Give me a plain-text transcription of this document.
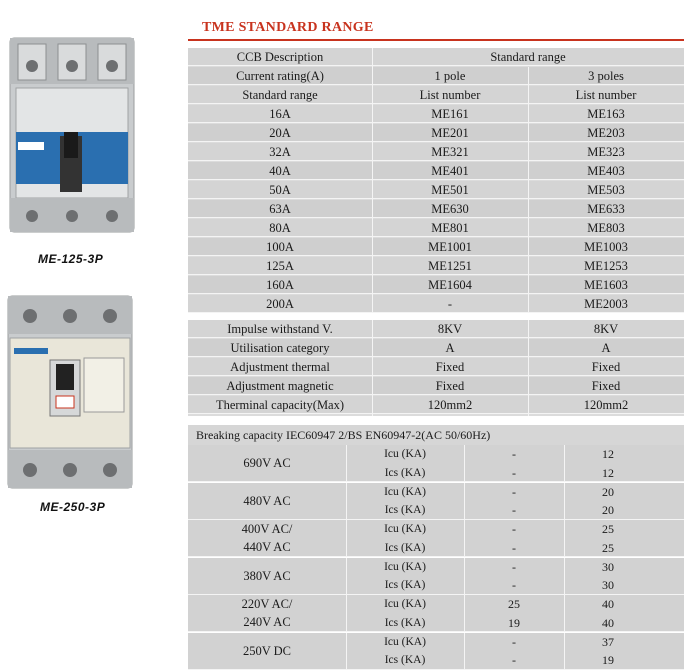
ME-125-3P
ME-250-3P
TME STANDARD RANGE
CCB Description	Standard range
Current rating(A)	1 pole	3 poles
Standard range	List number	List number
16A	ME161	ME163
20A	ME201	ME203
32A	ME321	ME323
40A	ME401	ME403
50A	ME501	ME503
63A	ME630	ME633
80A	ME801	ME803
100A	ME1001	ME1003
125A	ME1251	ME1253
160A	ME1604	ME1603
200A	-	ME2003
Impulse withstand V.	8KV	8KV
Utilisation category	A	A
Adjustment thermal	Fixed	Fixed
Adjustment magnetic	Fixed	Fixed
Therminal capacity(Max)	120mm2	120mm2
Breaking capacity IEC60947 2/BS EN60947-2(AC 50/60Hz)
690V AC
Icu (KA)	-	12
Ics (KA)	-	12
480V AC
Icu (KA)	-	20
Ics (KA)	-	20
400V AC/
440V AC
Icu (KA)	-	25
Ics (KA)	-	25
380V AC
Icu (KA)	-	30
Ics (KA)	-	30
220V AC/
240V AC
Icu (KA)	25	40
Ics (KA)	19	40
250V DC
Icu (KA)	-	37
Ics (KA)	-	19
